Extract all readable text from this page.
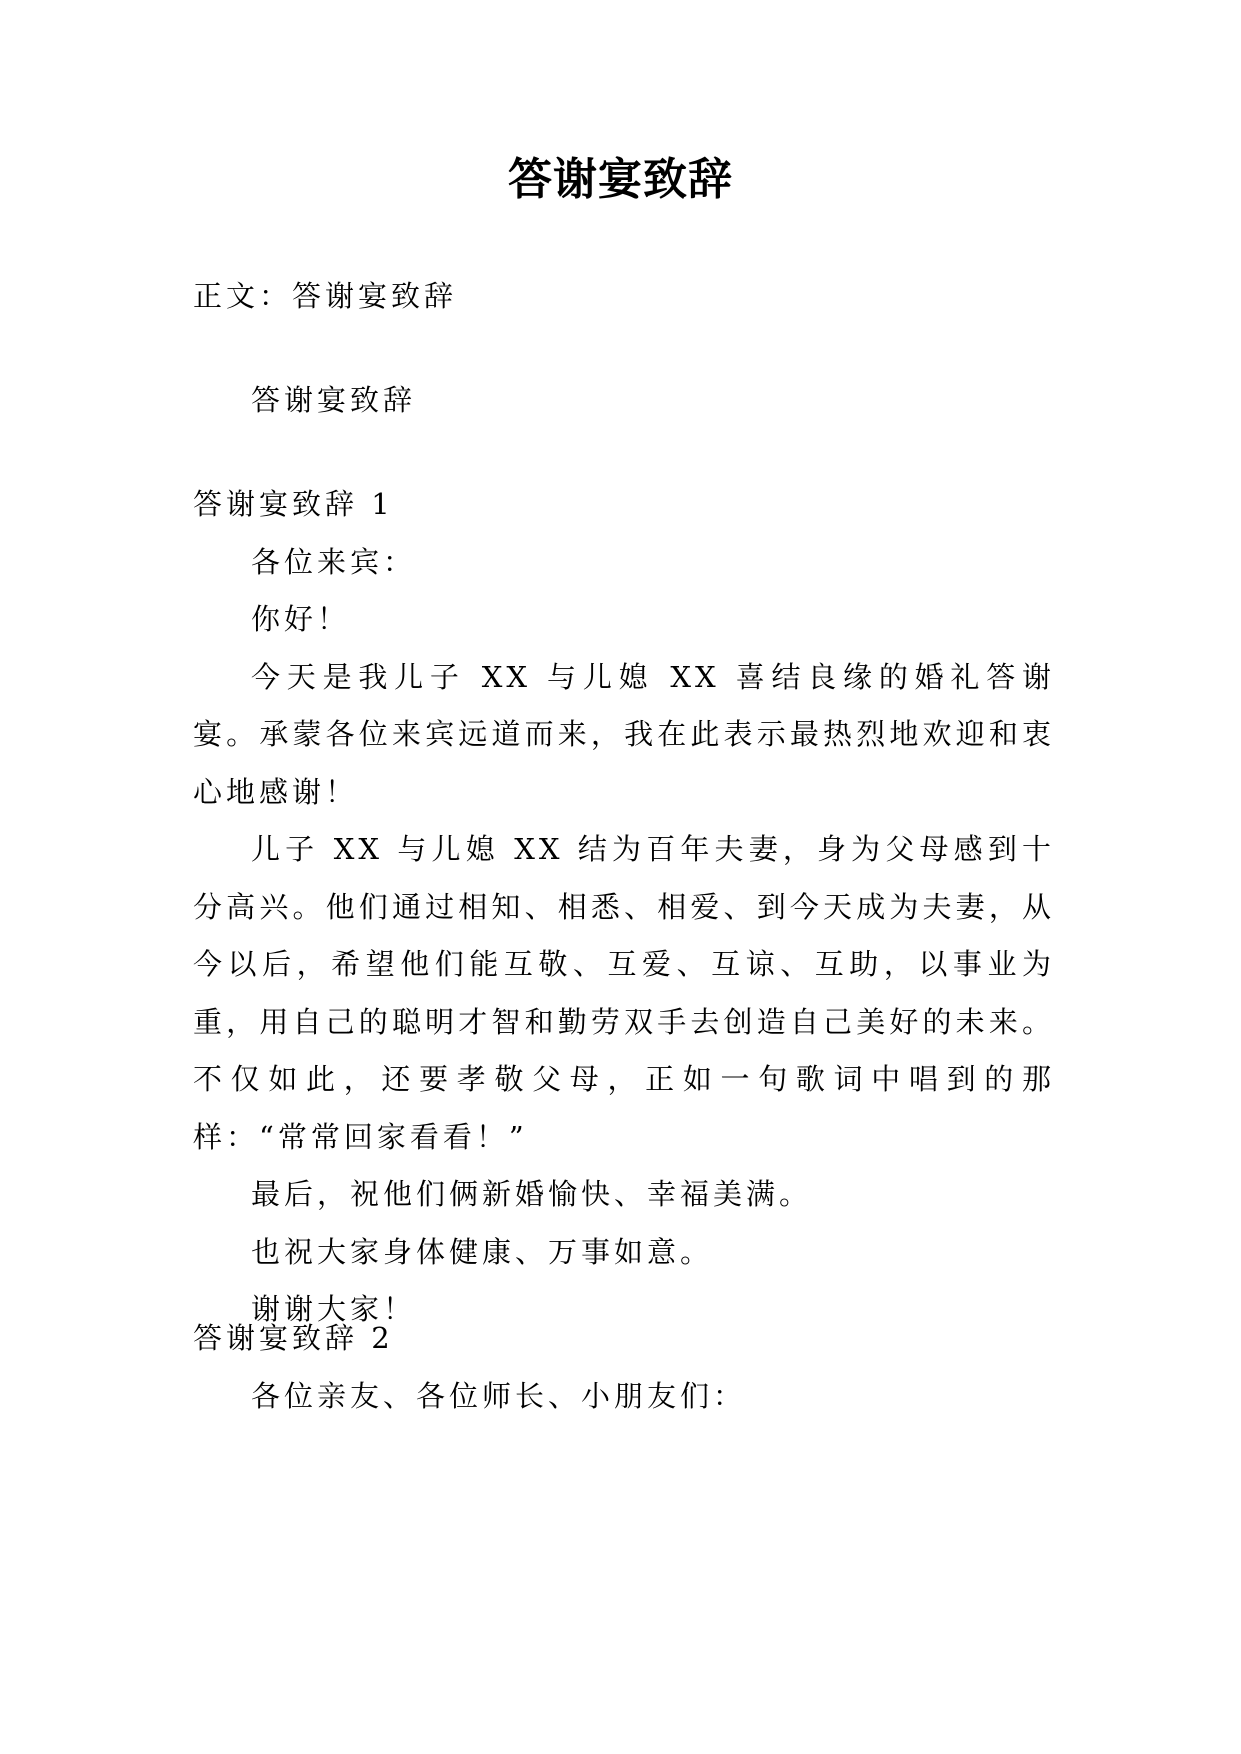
答谢宴致辞

正文：答谢宴致辞

答谢宴致辞

答谢宴致辞 1

各位来宾：

你好！

今天是我儿子 XX 与儿媳 XX 喜结良缘的婚礼答谢宴。承蒙各位来宾远道而来，我在此表示最热烈地欢迎和衷心地感谢！

儿子 XX 与儿媳 XX 结为百年夫妻，身为父母感到十分高兴。他们通过相知、相悉、相爱、到今天成为夫妻，从今以后，希望他们能互敬、互爱、互谅、互助，以事业为重，用自己的聪明才智和勤劳双手去创造自己美好的未来。不仅如此，还要孝敬父母，正如一句歌词中唱到的那样：“常常回家看看！”

最后，祝他们俩新婚愉快、幸福美满。

也祝大家身体健康、万事如意。

谢谢大家！

答谢宴致辞 2

各位亲友、各位师长、小朋友们：
